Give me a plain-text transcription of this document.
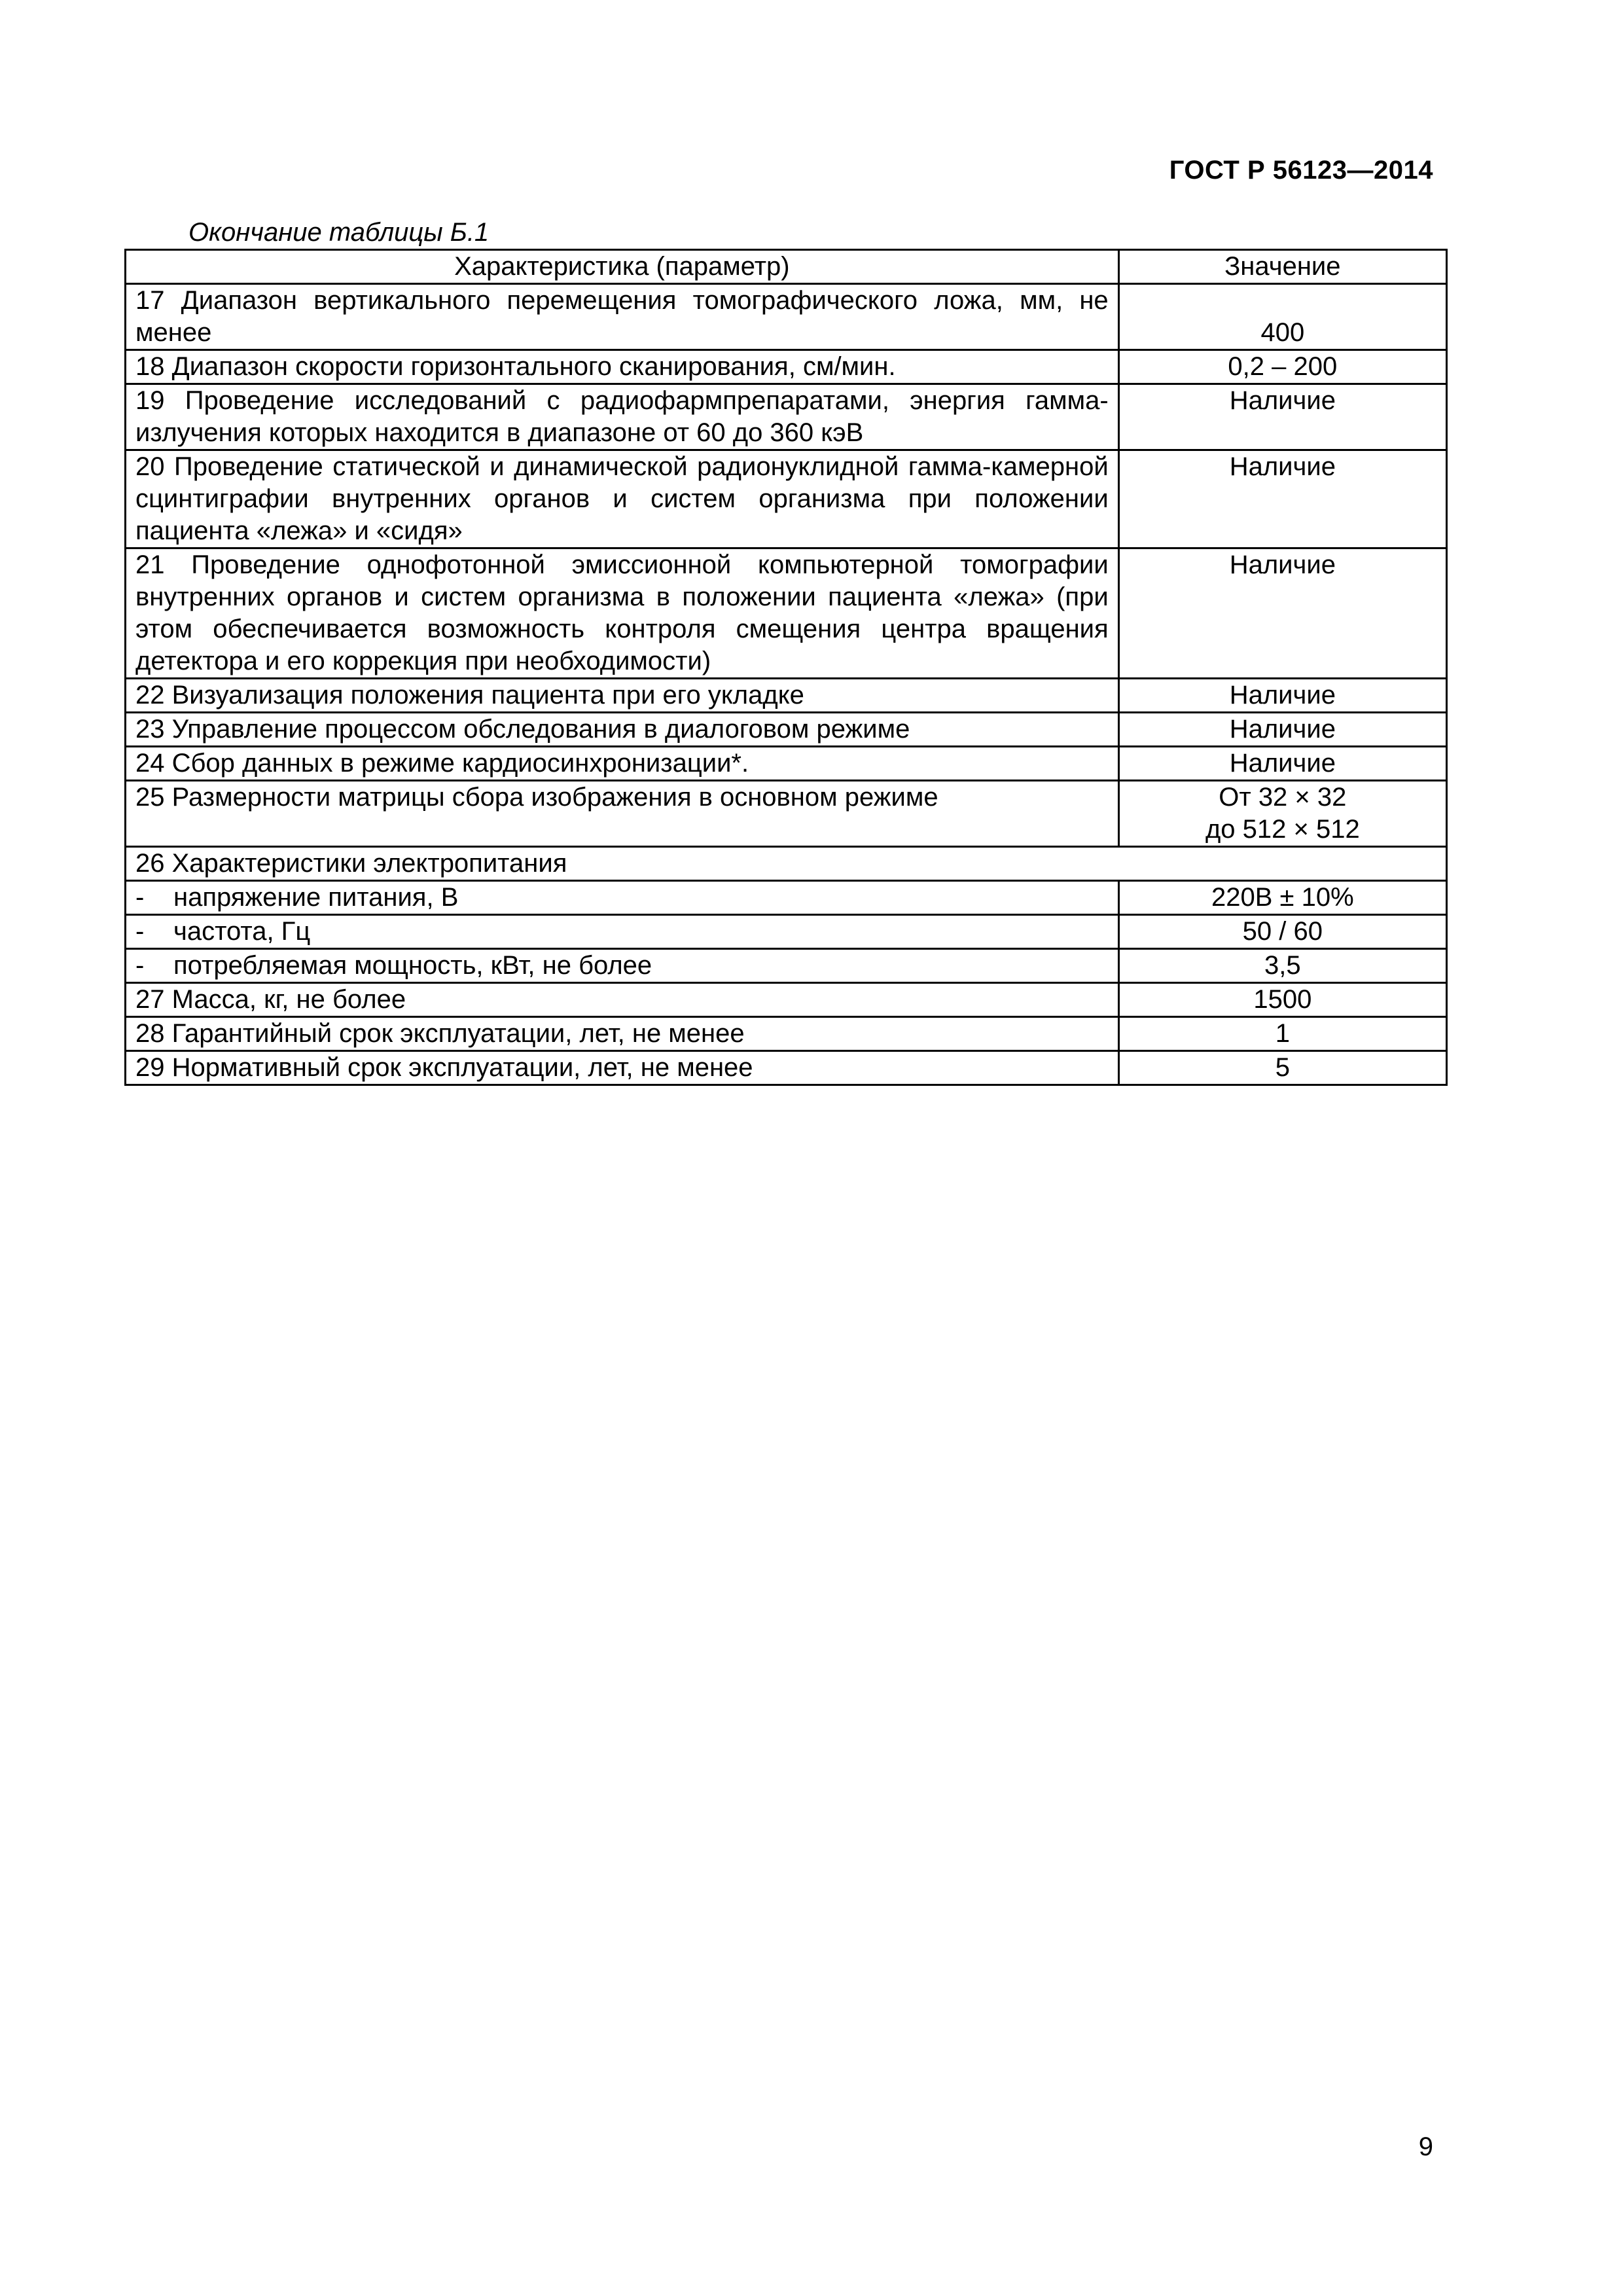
ГОСТ Р 56123—2014
Окончание таблицы Б.1
Характеристика (параметр)	Значение
17 Диапазон вертикального перемещения томографического ложа, мм, не менее	400
18 Диапазон скорости горизонтального сканирования, см/мин.	0,2 – 200
19 Проведение исследований с радиофармпрепаратами, энергия гамма-излучения которых находится в диапазоне от 60 до 360 кэВ	Наличие
20 Проведение статической и динамической радионуклидной гамма-камерной сцинтиграфии внутренних органов и систем организма при положении пациента «лежа» и «сидя»	Наличие
21 Проведение однофотонной эмиссионной компьютерной томографии внутренних органов и систем организма в положении пациента «лежа» (при этом обеспечивается возможность контроля смещения центра вращения детектора и его коррекция при необходимости)	Наличие
22 Визуализация положения пациента при его укладке	Наличие
23 Управление процессом обследования в диалоговом режиме	Наличие
24 Сбор данных в режиме кардиосинхронизации*.	Наличие
25 Размерности матрицы сбора изображения в основном режиме	От 32 × 32
до 512 × 512

26 Характеристики электропитания	
- напряжение питания, В	220В ± 10%
- частота, Гц	50 / 60
- потребляемая мощность, кВт, не более	3,5
27 Масса, кг, не более	1500
28 Гарантийный срок эксплуатации, лет, не менее	1
29 Нормативный срок эксплуатации, лет, не менее	5
9
